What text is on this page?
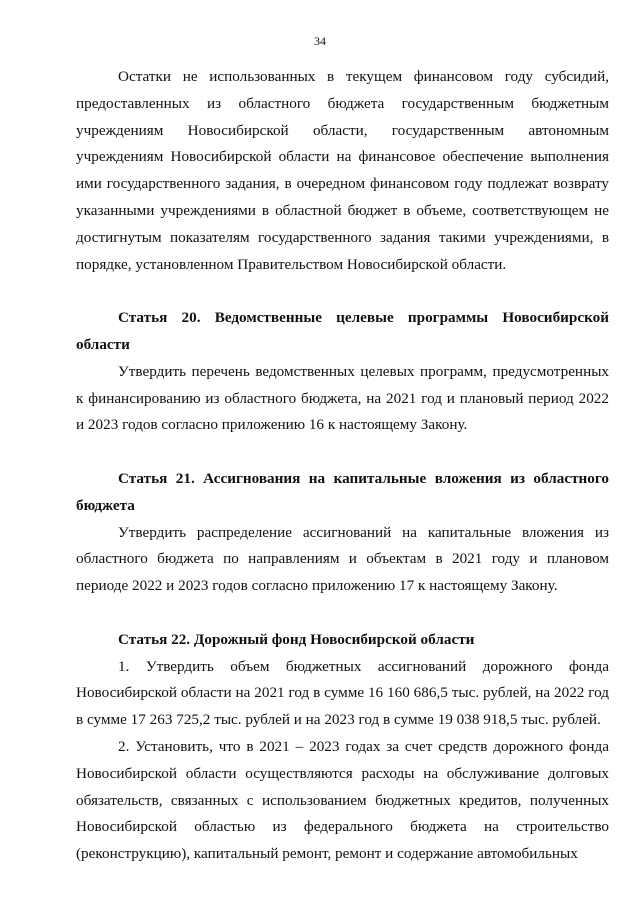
34

Остатки не использованных в текущем финансовом году субсидий, предоставленных из областного бюджета государственным бюджетным учреждениям Новосибирской области, государственным автономным учреждениям Новосибирской области на финансовое обеспечение выполнения ими государственного задания, в очередном финансовом году подлежат возврату указанными учреждениями в областной бюджет в объеме, соответствующем не достигнутым показателям государственного задания такими учреждениями, в порядке, установленном Правительством Новосибирской области.

Статья 20. Ведомственные целевые программы Новосибирской области

Утвердить перечень ведомственных целевых программ, предусмотренных к финансированию из областного бюджета, на 2021 год и плановый период 2022 и 2023 годов согласно приложению 16 к настоящему Закону.

Статья 21. Ассигнования на капитальные вложения из областного бюджета

Утвердить распределение ассигнований на капитальные вложения из областного бюджета по направлениям и объектам в 2021 году и плановом периоде 2022 и 2023 годов согласно приложению 17 к настоящему Закону.

Статья 22. Дорожный фонд Новосибирской области

1. Утвердить объем бюджетных ассигнований дорожного фонда Новосибирской области на 2021 год в сумме 16 160 686,5 тыс. рублей, на 2022 год в сумме 17 263 725,2 тыс. рублей и на 2023 год в сумме 19 038 918,5 тыс. рублей.

2. Установить, что в 2021 – 2023 годах за счет средств дорожного фонда Новосибирской области осуществляются расходы на обслуживание долговых обязательств, связанных с использованием бюджетных кредитов, полученных Новосибирской областью из федерального бюджета на строительство (реконструкцию), капитальный ремонт, ремонт и содержание автомобильных
